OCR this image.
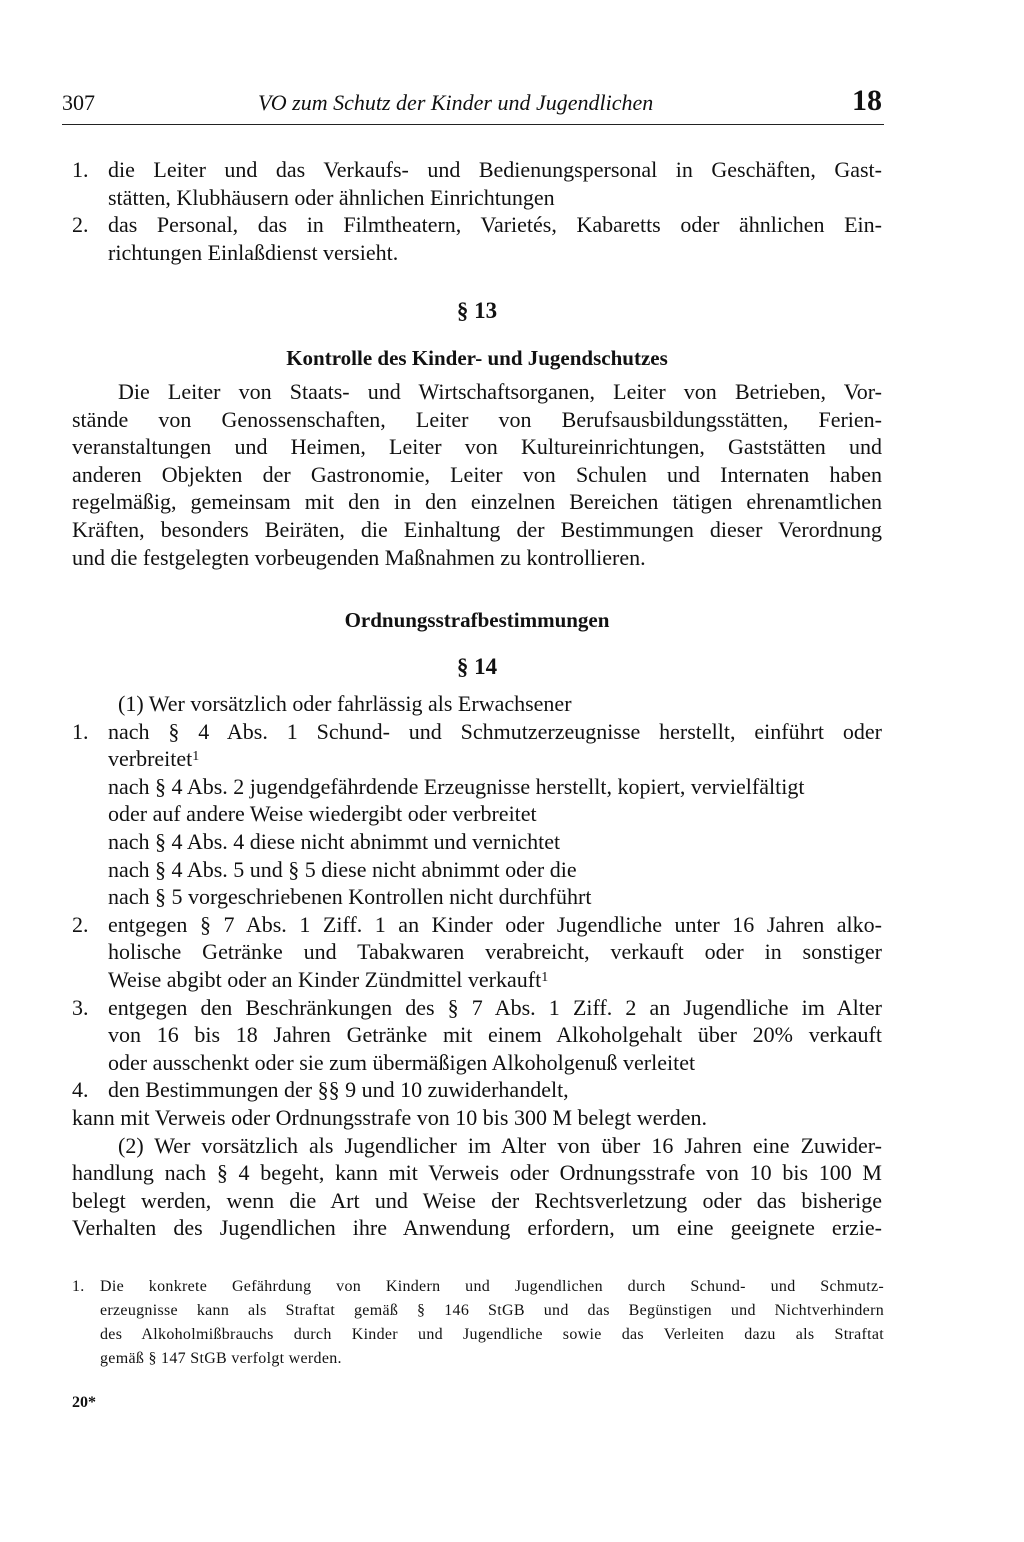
307	VO zum Schutz der Kinder und Jugendlichen	18
1. die Leiter und das Verkaufs- und Bedienungspersonal in Geschäften, Gast-
stätten, Klubhäusern oder ähnlichen Einrichtungen
2. das Personal, das in Filmtheatern, Varietés, Kabaretts oder ähnlichen Ein-
richtungen Einlaßdienst versieht.
§ 13
Kontrolle des Kinder- und Jugendschutzes
Die Leiter von Staats- und Wirtschaftsorganen, Leiter von Betrieben, Vor-
stände von Genossenschaften, Leiter von Berufsausbildungsstätten, Ferien-
veranstaltungen und Heimen, Leiter von Kultureinrichtungen, Gaststätten und
anderen Objekten der Gastronomie, Leiter von Schulen und Internaten haben
regelmäßig, gemeinsam mit den in den einzelnen Bereichen tätigen ehrenamtlichen
Kräften, besonders Beiräten, die Einhaltung der Bestimmungen dieser Verordnung
und die festgelegten vorbeugenden Maßnahmen zu kontrollieren.
Ordnungsstrafbestimmungen
§ 14
(1) Wer vorsätzlich oder fahrlässig als Erwachsener
1. nach § 4 Abs. 1 Schund- und Schmutzerzeugnisse herstellt, einführt oder
verbreitet$^1$
nach § 4 Abs. 2 jugendgefährdende Erzeugnisse herstellt, kopiert, vervielfältigt
oder auf andere Weise wiedergibt oder verbreitet
nach § 4 Abs. 4 diese nicht abnimmt und vernichtet
nach § 4 Abs. 5 und § 5 diese nicht abnimmt oder die
nach § 5 vorgeschriebenen Kontrollen nicht durchführt
2. entgegen § 7 Abs. 1 Ziff. 1 an Kinder oder Jugendliche unter 16 Jahren alko-
holische Getränke und Tabakwaren verabreicht, verkauft oder in sonstiger
Weise abgibt oder an Kinder Zündmittel verkauft$^1$
3. entgegen den Beschränkungen des § 7 Abs. 1 Ziff. 2 an Jugendliche im Alter
von 16 bis 18 Jahren Getränke mit einem Alkoholgehalt über 20% verkauft
oder ausschenkt oder sie zum übermäßigen Alkoholgenuß verleitet
4. den Bestimmungen der §§ 9 und 10 zuwiderhandelt,
kann mit Verweis oder Ordnungsstrafe von 10 bis 300 M belegt werden.
(2) Wer vorsätzlich als Jugendlicher im Alter von über 16 Jahren eine Zuwider-
handlung nach § 4 begeht, kann mit Verweis oder Ordnungsstrafe von 10 bis 100 M
belegt werden, wenn die Art und Weise der Rechtsverletzung oder das bisherige
Verhalten des Jugendlichen ihre Anwendung erfordern, um eine geeignete erzie-
1. Die konkrete Gefährdung von Kindern und Jugendlichen durch Schund- und Schmutz-
erzeugnisse kann als Straftat gemäß § 146 StGB und das Begünstigen und Nichtverhindern
des Alkoholmißbrauchs durch Kinder und Jugendliche sowie das Verleiten dazu als Straftat
gemäß § 147 StGB verfolgt werden.
20*
